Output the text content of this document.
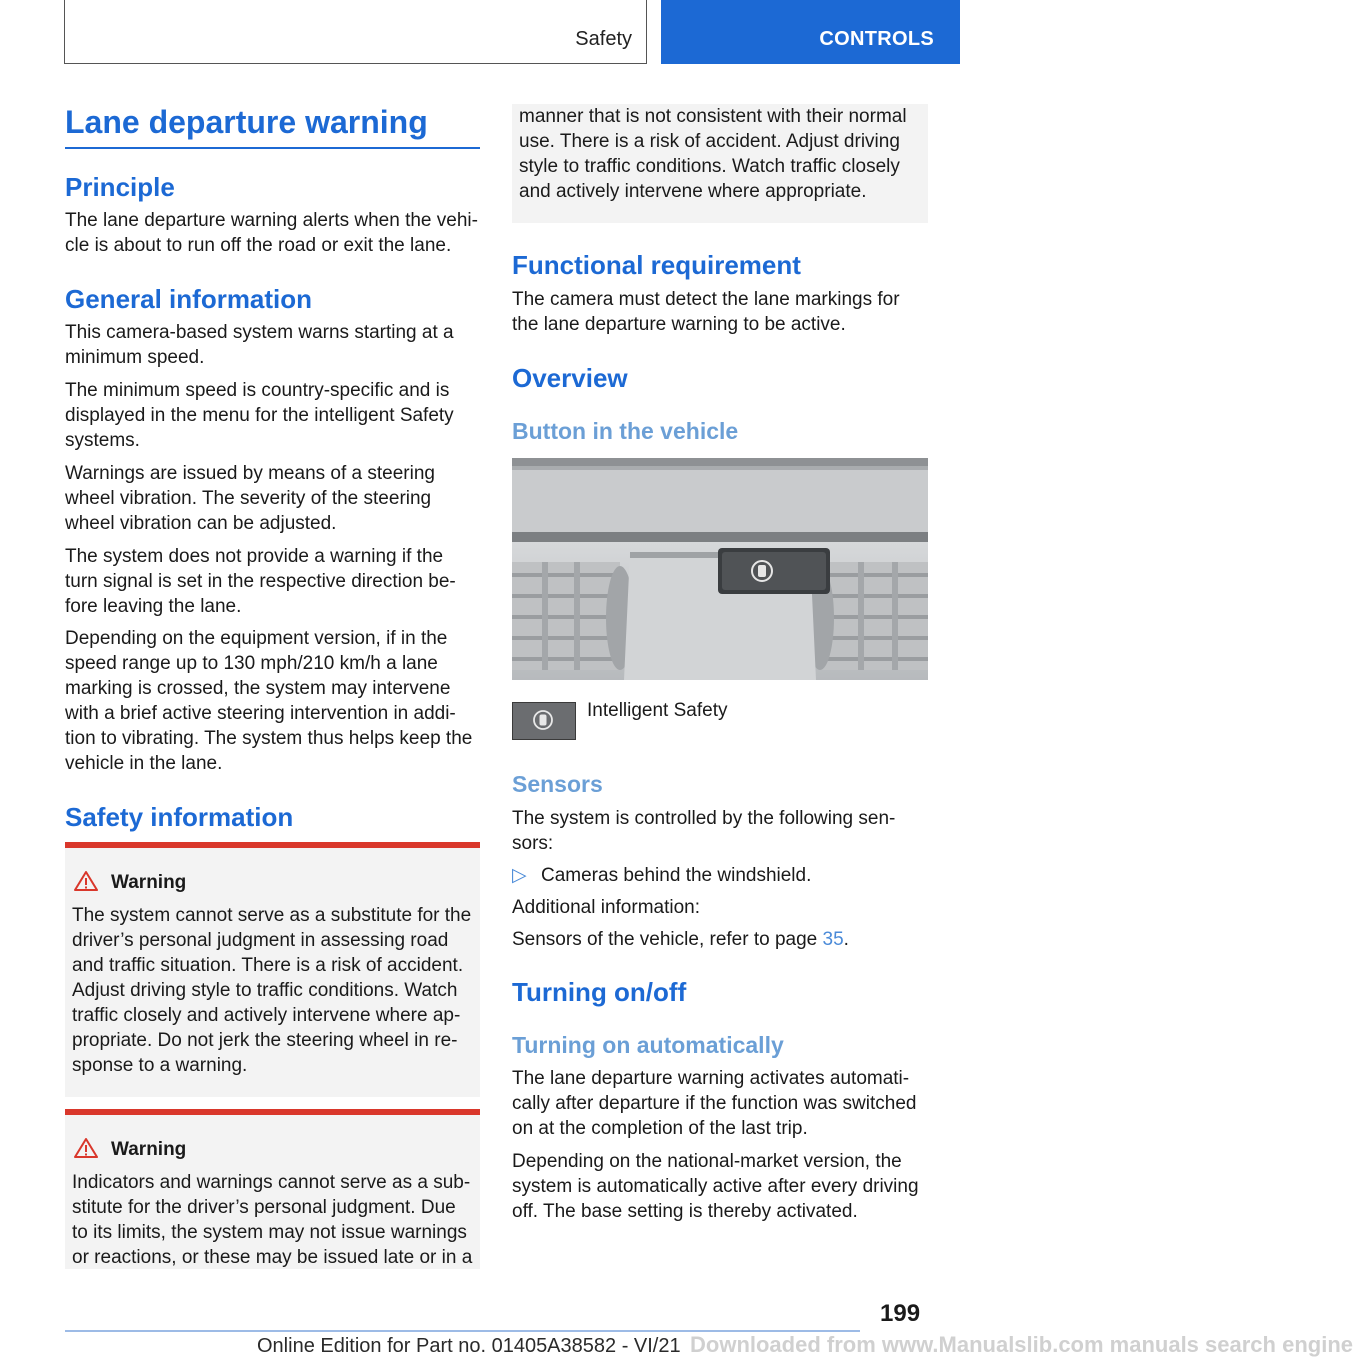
Safety	CONTROLS
Lane departure warning
Principle
The lane departure warning alerts when the vehi-
cle is about to run off the road or exit the lane.
General information
This camera-based system warns starting at a
minimum speed.
The minimum speed is country-specific and is
displayed in the menu for the intelligent Safety
systems.
Warnings are issued by means of a steering
wheel vibration. The severity of the steering
wheel vibration can be adjusted.
The system does not provide a warning if the
turn signal is set in the respective direction be-
fore leaving the lane.
Depending on the equipment version, if in the
speed range up to 130 mph/210 km/h a lane
marking is crossed, the system may intervene
with a brief active steering intervention in addi-
tion to vibrating. The system thus helps keep the
vehicle in the lane.
Safety information
Warning
The system cannot serve as a substitute for the
driver’s personal judgment in assessing road
and traffic situation. There is a risk of accident.
Adjust driving style to traffic conditions. Watch
traffic closely and actively intervene where ap-
propriate. Do not jerk the steering wheel in re-
sponse to a warning.
Warning
Indicators and warnings cannot serve as a sub-
stitute for the driver’s personal judgment. Due
to its limits, the system may not issue warnings
or reactions, or these may be issued late or in a
manner that is not consistent with their normal
use. There is a risk of accident. Adjust driving
style to traffic conditions. Watch traffic closely
and actively intervene where appropriate.
Functional requirement
The camera must detect the lane markings for
the lane departure warning to be active.
Overview
Button in the vehicle
Intelligent Safety
Sensors
The system is controlled by the following sen-
sors:
▷ Cameras behind the windshield.
Additional information:
Sensors of the vehicle, refer to page 35.
Turning on/off
Turning on automatically
The lane departure warning activates automati-
cally after departure if the function was switched
on at the completion of the last trip.
Depending on the national-market version, the
system is automatically active after every driving
off. The base setting is thereby activated.
199
Online Edition for Part no. 01405A38582 - VI/21 Downloaded from www.Manualslib.com manuals search engine
